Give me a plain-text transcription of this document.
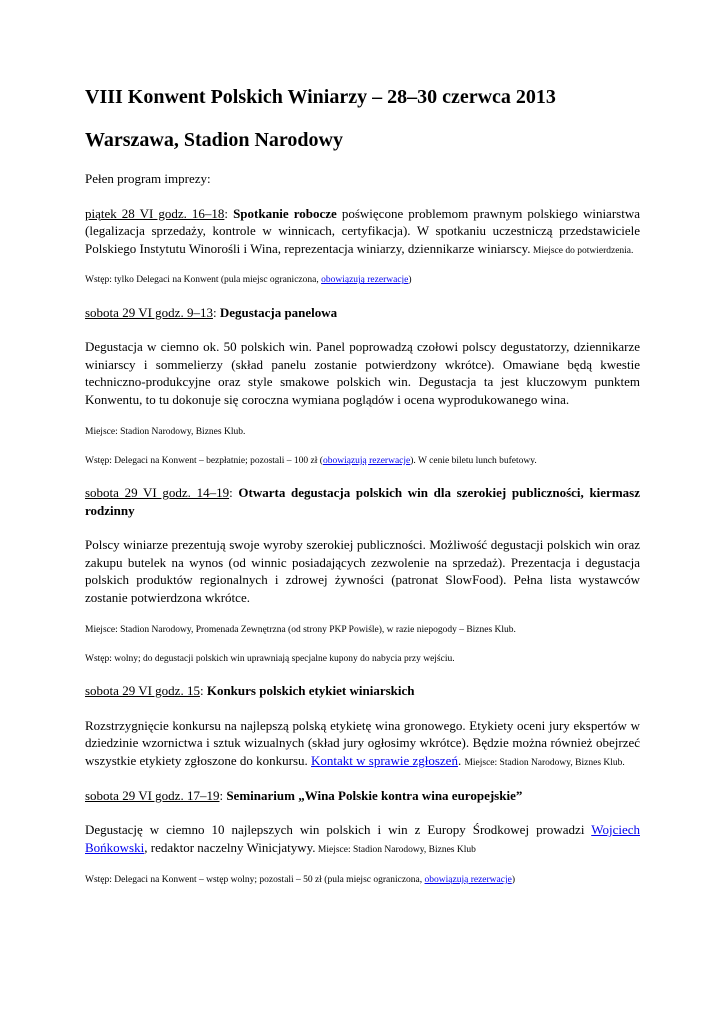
VIII Konwent Polskich Winiarzy – 28–30 czerwca 2013
Warszawa, Stadion Narodowy

Pełen program imprezy:

piątek 28 VI godz. 16–18: Spotkanie robocze poświęcone problemom prawnym polskiego winiarstwa (legalizacja sprzedaży, kontrole w winnicach, certyfikacja). W spotkaniu uczestniczą przedstawiciele Polskiego Instytutu Winorośli i Wina, reprezentacja winiarzy, dziennikarze winiarscy. Miejsce do potwierdzenia.

Wstęp: tylko Delegaci na Konwent (pula miejsc ograniczona, obowiązują rezerwacje)

sobota 29 VI godz. 9–13: Degustacja panelowa

Degustacja w ciemno ok. 50 polskich win. Panel poprowadzą czołowi polscy degustatorzy, dziennikarze winiarscy i sommelierzy (skład panelu zostanie potwierdzony wkrótce). Omawiane będą kwestie techniczno-produkcyjne oraz style smakowe polskich win. Degustacja ta jest kluczowym punktem Konwentu, to tu dokonuje się coroczna wymiana poglądów i ocena wyprodukowanego wina.

Miejsce: Stadion Narodowy, Biznes Klub.

Wstęp: Delegaci na Konwent – bezpłatnie; pozostali – 100 zł (obowiązują rezerwacje). W cenie biletu lunch bufetowy.

sobota 29 VI godz. 14–19: Otwarta degustacja polskich win dla szerokiej publiczności, kiermasz rodzinny

Polscy winiarze prezentują swoje wyroby szerokiej publiczności. Możliwość degustacji polskich win oraz zakupu butelek na wynos (od winnic posiadających zezwolenie na sprzedaż). Prezentacja i degustacja polskich produktów regionalnych i zdrowej żywności (patronat SlowFood). Pełna lista wystawców zostanie potwierdzona wkrótce.

Miejsce: Stadion Narodowy, Promenada Zewnętrzna (od strony PKP Powiśle), w razie niepogody – Biznes Klub.

Wstęp: wolny; do degustacji polskich win uprawniają specjalne kupony do nabycia przy wejściu.

sobota 29 VI godz. 15: Konkurs polskich etykiet winiarskich

Rozstrzygnięcie konkursu na najlepszą polską etykietę wina gronowego. Etykiety oceni jury ekspertów w dziedzinie wzornictwa i sztuk wizualnych (skład jury ogłosimy wkrótce). Będzie można również obejrzeć wszystkie etykiety zgłoszone do konkursu. Kontakt w sprawie zgłoszeń. Miejsce: Stadion Narodowy, Biznes Klub.

sobota 29 VI godz. 17–19: Seminarium „Wina Polskie kontra wina europejskie”

Degustację w ciemno 10 najlepszych win polskich i win z Europy Środkowej prowadzi Wojciech Bońkowski, redaktor naczelny Winicjatywy. Miejsce: Stadion Narodowy, Biznes Klub

Wstęp: Delegaci na Konwent – wstęp wolny; pozostali – 50 zł (pula miejsc ograniczona, obowiązują rezerwacje)
